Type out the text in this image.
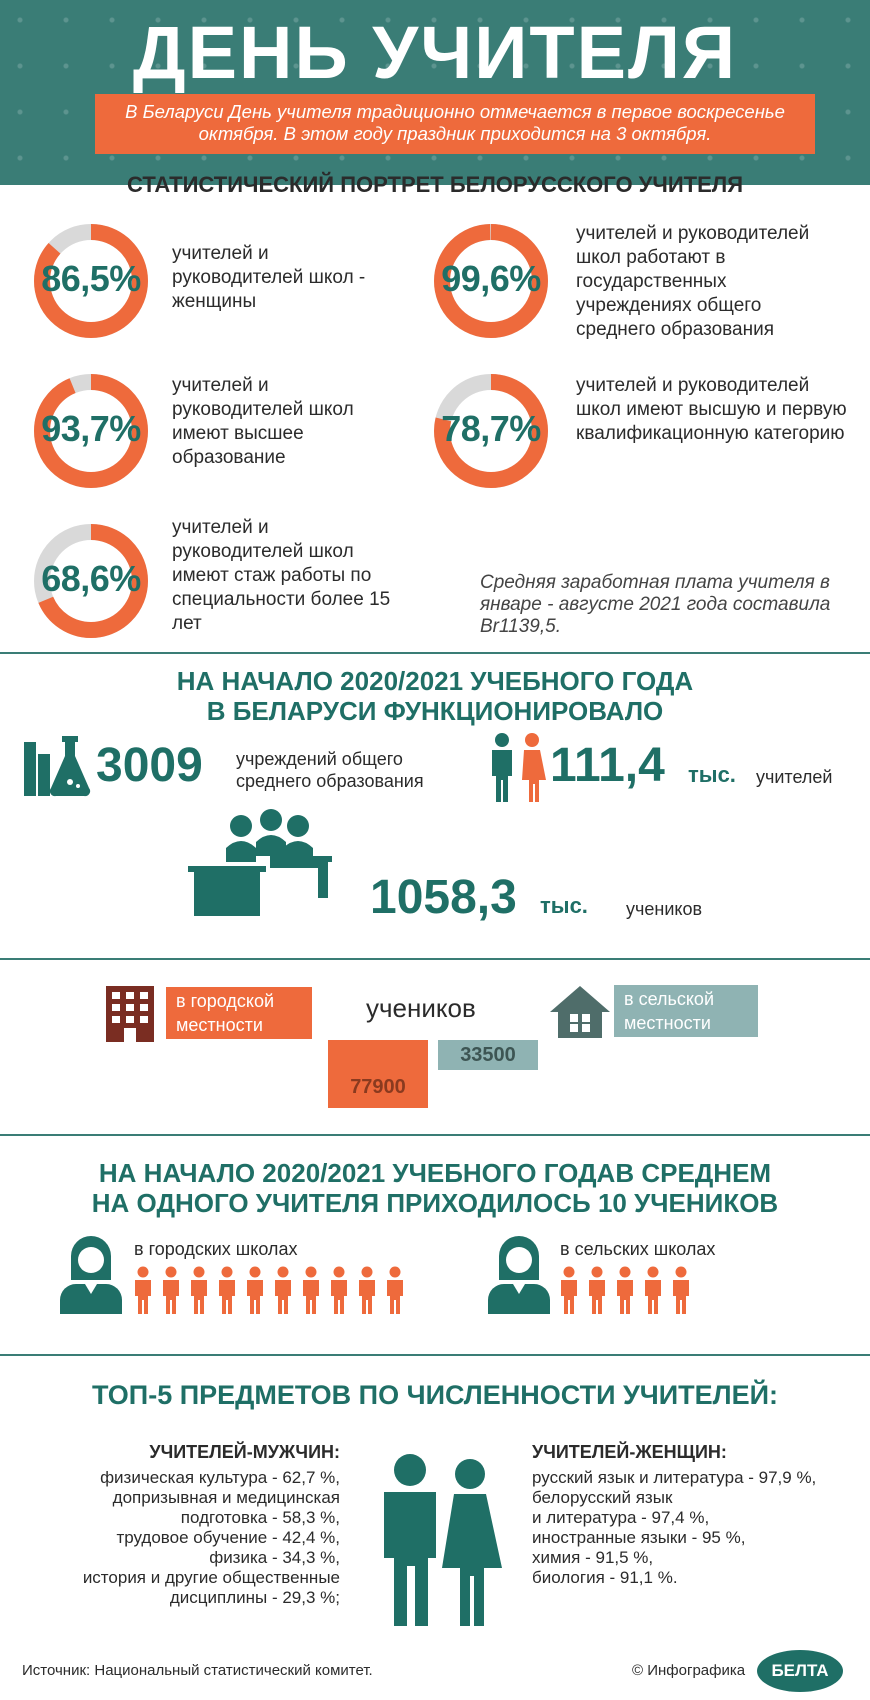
ДЕНЬ УЧИТЕЛЯ
В Беларуси День учителя традиционно отмечается в первое воскресенье октября. В этом году праздник приходится на 3 октября.
СТАТИСТИЧЕСКИЙ ПОРТРЕТ БЕЛОРУССКОГО УЧИТЕЛЯ
86,5%
учителей и руководителей школ - женщины
99,6%
учителей и руководителей школ работают в государственных учреждениях общего среднего образования
93,7%
учителей и руководителей школ имеют высшее образование
78,7%
учителей и руководителей школ имеют высшую и первую квалификационную категорию
68,6%
учителей и руководителей школ имеют стаж работы по специальности более 15 лет
Средняя заработная плата учителя в январе - августе 2021 года составила Br1139,5.
НА НАЧАЛО 2020/2021 УЧЕБНОГО ГОДА
В БЕЛАРУСИ ФУНКЦИОНИРОВАЛО
3009 учреждений общего
среднего образования	111,4 тыс. учителей
1058,3 тыс. учеников
в городской
местности
учеников	в сельской
местности
77900
33500
НА НАЧАЛО 2020/2021 УЧЕБНОГО ГОДАВ СРЕДНЕМ
НА ОДНОГО УЧИТЕЛЯ ПРИХОДИЛОСЬ 10 УЧЕНИКОВ
в городских школах	в сельских школах
ТОП-5 ПРЕДМЕТОВ ПО ЧИСЛЕННОСТИ УЧИТЕЛЕЙ:
УЧИТЕЛЕЙ-МУЖЧИН:
физическая культура - 62,7 %,
допризывная и медицинская
подготовка - 58,3 %,
трудовое обучение - 42,4 %,
физика - 34,3 %,
история и другие общественные
дисциплины - 29,3 %;
УЧИТЕЛЕЙ-ЖЕНЩИН:
русский язык и литература - 97,9 %,
белорусский язык
и литература - 97,4 %,
иностранные языки - 95 %,
химия - 91,5 %,
биология - 91,1 %.
Источник: Национальный статистический комитет.	© Инфографика	БЕЛТА
